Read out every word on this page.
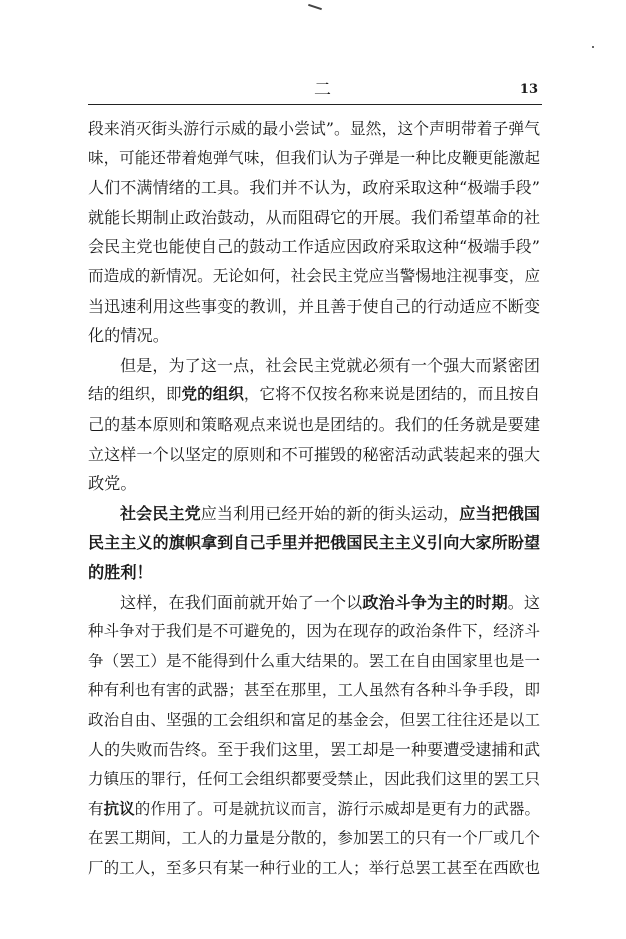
二	13
段来消灭街头游行示威的最小尝试”。显然，这个声明带着子弹气
味，可能还带着炮弹气味，但我们认为子弹是一种比皮鞭更能激起
人们不满情绪的工具。我们并不认为，政府采取这种“极端手段”
就能长期制止政治鼓动，从而阻碍它的开展。我们希望革命的社
会民主党也能使自己的鼓动工作适应因政府采取这种“极端手段”
而造成的新情况。无论如何，社会民主党应当警惕地注视事变，应
当迅速利用这些事变的教训，并且善于使自己的行动适应不断变
化的情况。
但是，为了这一点，社会民主党就必须有一个强大而紧密团
结的组织，即党的组织，它将不仅按名称来说是团结的，而且按自
己的基本原则和策略观点来说也是团结的。我们的任务就是要建
立这样一个以坚定的原则和不可摧毁的秘密活动武装起来的强大
政党。
社会民主党应当利用已经开始的新的街头运动，应当把俄国
民主主义的旗帜拿到自己手里并把俄国民主主义引向大家所盼望
的胜利！
这样，在我们面前就开始了一个以政治斗争为主的时期。这
种斗争对于我们是不可避免的，因为在现存的政治条件下，经济斗
争（罢工）是不能得到什么重大结果的。罢工在自由国家里也是一
种有利也有害的武器；甚至在那里，工人虽然有各种斗争手段，即
政治自由、坚强的工会组织和富足的基金会，但罢工往往还是以工
人的失败而告终。至于我们这里，罢工却是一种要遭受逮捕和武
力镇压的罪行，任何工会组织都要受禁止，因此我们这里的罢工只
有抗议的作用了。可是就抗议而言，游行示威却是更有力的武器。
在罢工期间，工人的力量是分散的，参加罢工的只有一个厂或几个
厂的工人，至多只有某一种行业的工人；举行总罢工甚至在西欧也
